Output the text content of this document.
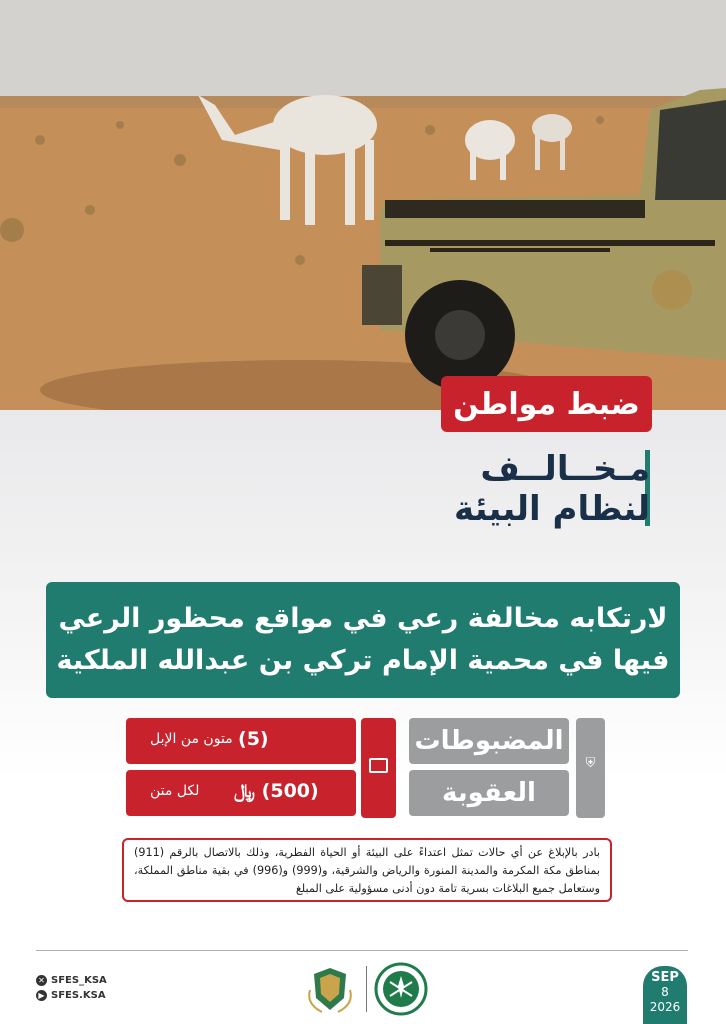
ضبط مواطن
مـخــالــف
لنظام البيئة
لارتكابه مخالفة رعي في مواقع محظور الرعي
فيها في محمية الإمام تركي بن عبدالله الملكية
⛨
المضبوطات
العقوبة
(5)
متون من الإبل
(500) ﷼
لكل متن
بادر بالإبلاغ عن أي حالات تمثل اعتداءً على البيئة أو الحياة الفطرية، وذلك بالاتصال بالرقم (911) بمناطق مكة المكرمة والمدينة المنورة والرياض والشرقية، و(999) و(996) في بقية مناطق المملكة، وستعامل جميع البلاغات بسرية تامة دون أدنى مسؤولية على المبلغ
✕ SFES_KSA
▶ SFES.KSA
SEP
8
2026
